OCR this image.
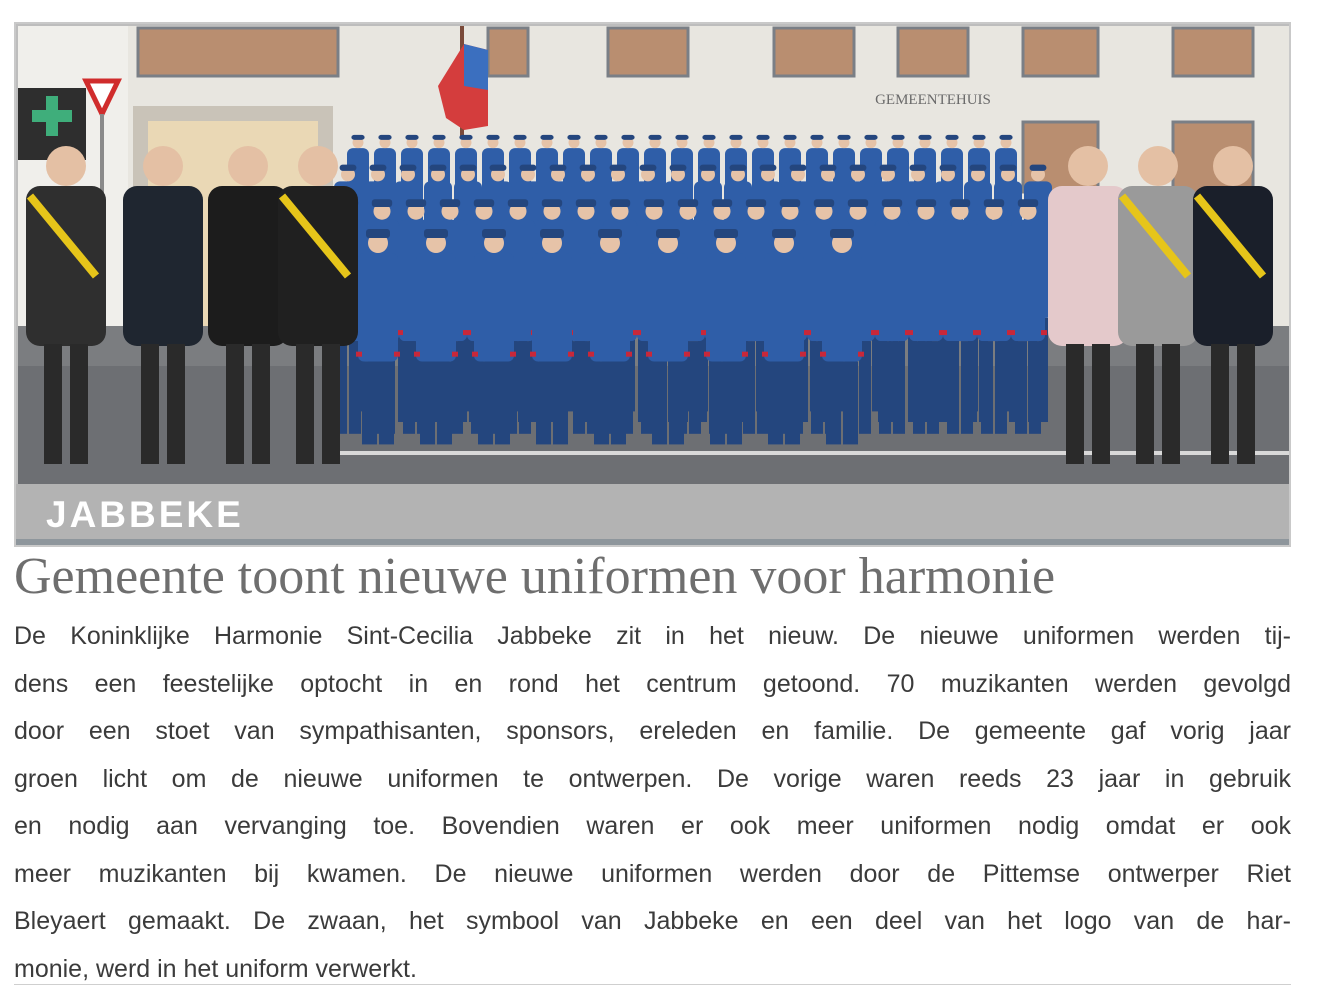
GEMEENTEHUIS
JABBEKE
Gemeente toont nieuwe uniformen voor harmonie
De Koninklijke Harmonie Sint-Cecilia Jabbeke zit in het nieuw. De nieuwe uniformen werden tij-
dens een feestelijke optocht in en rond het centrum getoond. 70 muzikanten werden gevolgd
door een stoet van sympathisanten, sponsors, ereleden en familie. De gemeente gaf vorig jaar
groen licht om de nieuwe uniformen te ontwerpen. De vorige waren reeds 23 jaar in gebruik
en nodig aan vervanging toe. Bovendien waren er ook meer uniformen nodig omdat er ook
meer muzikanten bij kwamen. De nieuwe uniformen werden door de Pittemse ontwerper Riet
Bleyaert gemaakt. De zwaan, het symbool van Jabbeke en een deel van het logo van de har-
monie, werd in het uniform verwerkt.
